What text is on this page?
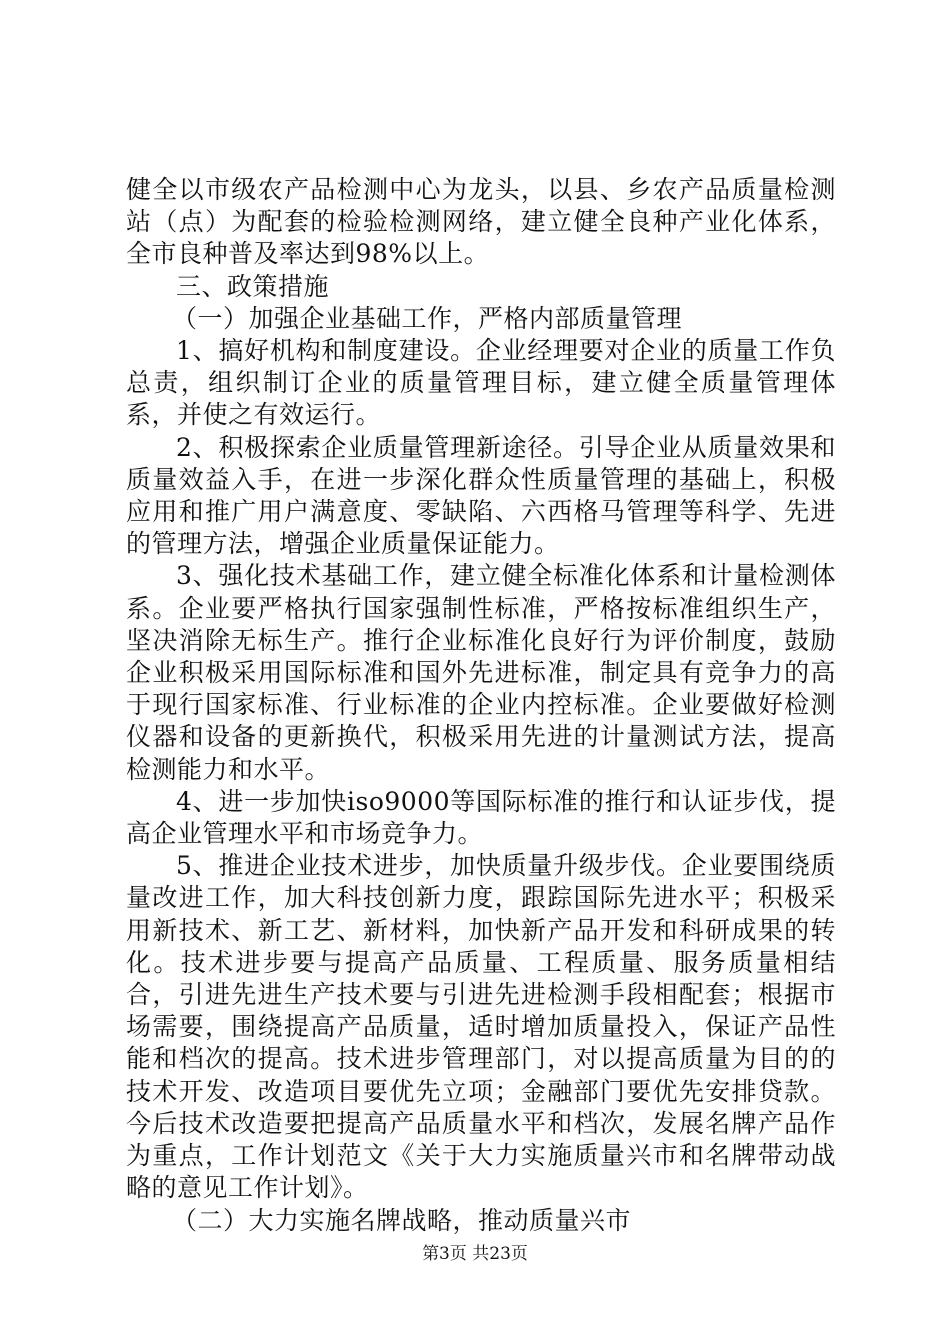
健全以市级农产品检测中心为龙头，以县、乡农产品质量检测站（点）为配套的检验检测网络，建立健全良种产业化体系，全市良种普及率达到98%以上。

三、政策措施

（一）加强企业基础工作，严格内部质量管理

1、搞好机构和制度建设。企业经理要对企业的质量工作负总责，组织制订企业的质量管理目标，建立健全质量管理体系，并使之有效运行。

2、积极探索企业质量管理新途径。引导企业从质量效果和质量效益入手，在进一步深化群众性质量管理的基础上，积极应用和推广用户满意度、零缺陷、六西格马管理等科学、先进的管理方法，增强企业质量保证能力。

3、强化技术基础工作，建立健全标准化体系和计量检测体系。企业要严格执行国家强制性标准，严格按标准组织生产，坚决消除无标生产。推行企业标准化良好行为评价制度，鼓励企业积极采用国际标准和国外先进标准，制定具有竞争力的高于现行国家标准、行业标准的企业内控标准。企业要做好检测仪器和设备的更新换代，积极采用先进的计量测试方法，提高检测能力和水平。

4、进一步加快iso9000等国际标准的推行和认证步伐，提高企业管理水平和市场竞争力。

5、推进企业技术进步，加快质量升级步伐。企业要围绕质量改进工作，加大科技创新力度，跟踪国际先进水平；积极采用新技术、新工艺、新材料，加快新产品开发和科研成果的转化。技术进步要与提高产品质量、工程质量、服务质量相结合，引进先进生产技术要与引进先进检测手段相配套；根据市场需要，围绕提高产品质量，适时增加质量投入，保证产品性能和档次的提高。技术进步管理部门，对以提高质量为目的的技术开发、改造项目要优先立项；金融部门要优先安排贷款。今后技术改造要把提高产品质量水平和档次，发展名牌产品作为重点，工作计划范文《关于大力实施质量兴市和名牌带动战略的意见工作计划》。

（二）大力实施名牌战略，推动质量兴市

第3页 共23页
